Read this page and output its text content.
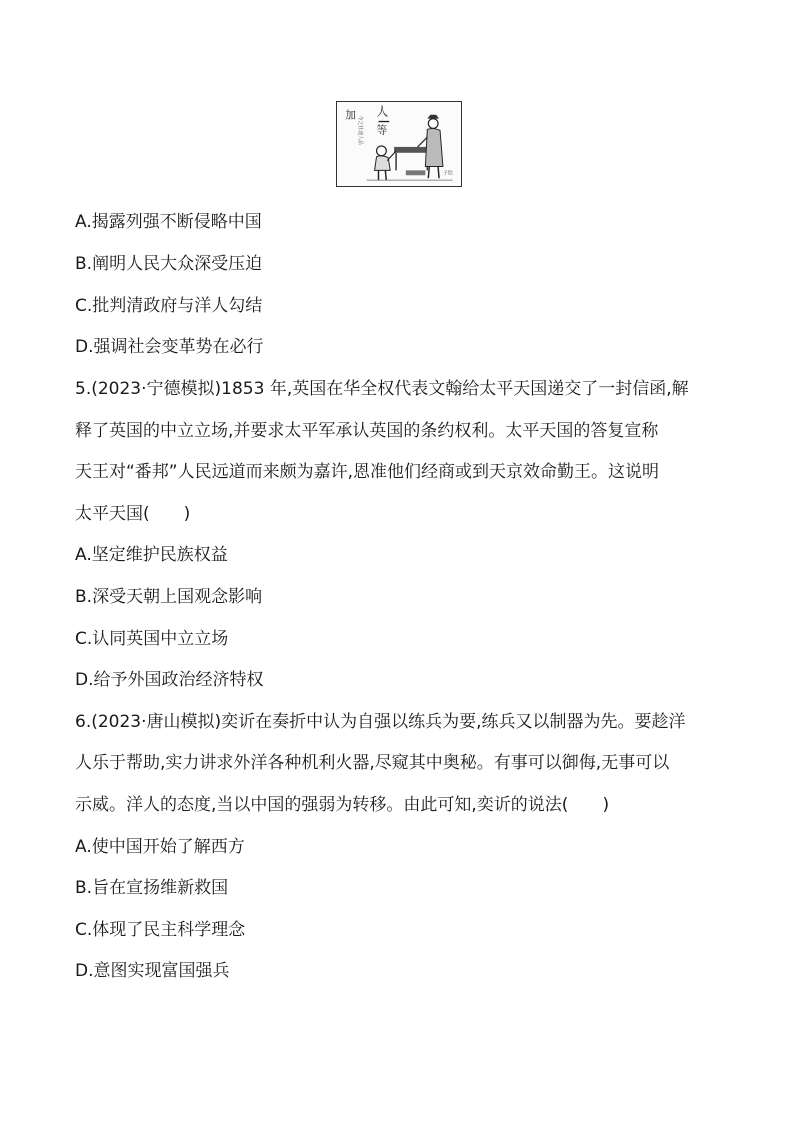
加 人
等
今之仕途人品
子恺
A.揭露列强不断侵略中国
B.阐明人民大众深受压迫
C.批判清政府与洋人勾结
D.强调社会变革势在必行
5.(2023·宁德模拟)1853 年,英国在华全权代表文翰给太平天国递交了一封信函,解
释了英国的中立立场,并要求太平军承认英国的条约权利。太平天国的答复宣称
天王对“番邦”人民远道而来颇为嘉许,恩准他们经商或到天京效命勤王。这说明
太平天国(　　)
A.坚定维护民族权益
B.深受天朝上国观念影响
C.认同英国中立立场
D.给予外国政治经济特权
6.(2023·唐山模拟)奕䜣在奏折中认为自强以练兵为要,练兵又以制器为先。要趁洋
人乐于帮助,实力讲求外洋各种机利火器,尽窥其中奥秘。有事可以御侮,无事可以
示威。洋人的态度,当以中国的强弱为转移。由此可知,奕䜣的说法(　　)
A.使中国开始了解西方
B.旨在宣扬维新救国
C.体现了民主科学理念
D.意图实现富国强兵
